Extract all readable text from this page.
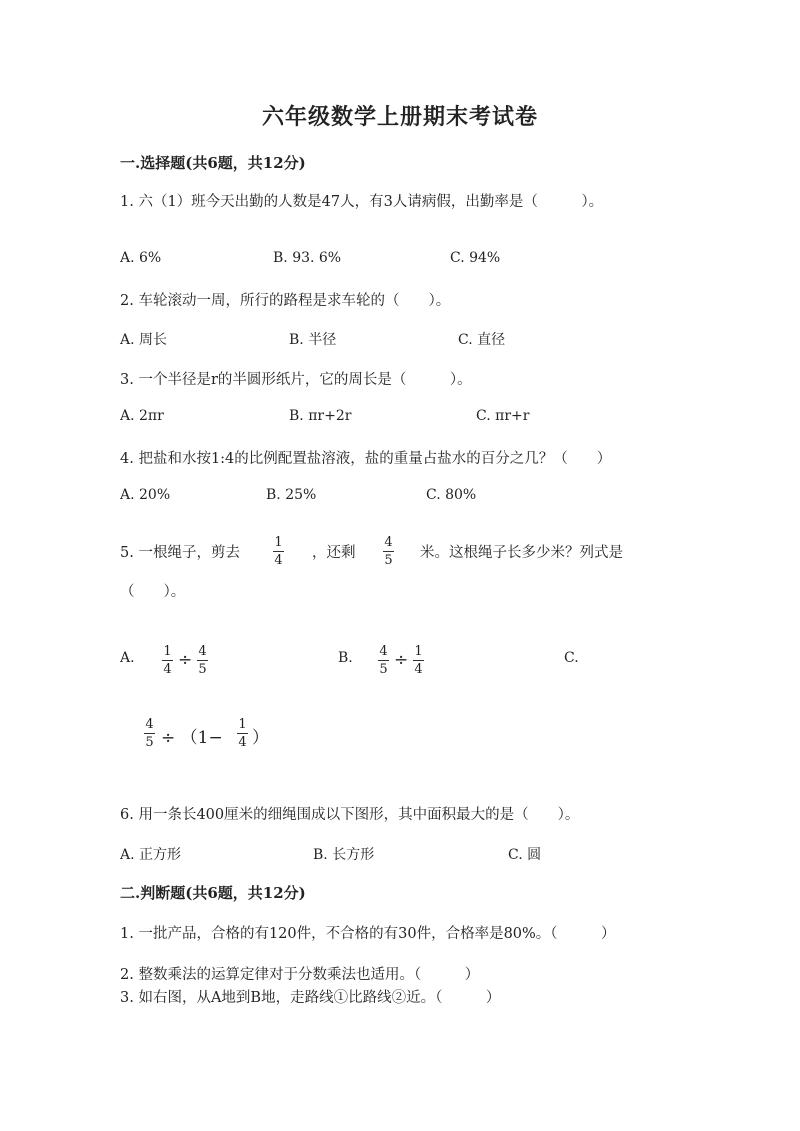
六年级数学上册期末考试卷
一.选择题(共6题，共12分)
1. 六（1）班今天出勤的人数是47人，有3人请病假，出勤率是（　　　）。
A. 6%	B. 93. 6%	C. 94%
2. 车轮滚动一周，所行的路程是求车轮的（　　）。
A. 周长	B. 半径	C. 直径
3. 一个半径是r的半圆形纸片，它的周长是（　　　）。
A. 2πr	B. πr+2r	C. πr+r
4. 把盐和水按1:4的比例配置盐溶液，盐的重量占盐水的百分之几？（　　）
A. 20%	B. 25%	C. 80%
5. 一根绳子，剪去
1
4 ，还剩
4
5 米。这根绳子长多少米？列式是
（　　）。
A. 1
4 ÷ 4
5
B. 4
5 ÷ 1
4
C.
4
5 ÷ （1−
1
4 ）
6. 用一条长400厘米的细绳围成以下图形，其中面积最大的是（　　）。
A. 正方形	B. 长方形	C. 圆
二.判断题(共6题，共12分)
1. 一批产品，合格的有120件，不合格的有30件，合格率是80%。（　　　）
2. 整数乘法的运算定律对于分数乘法也适用。（　　　）
3. 如右图，从A地到B地，走路线①比路线②近。（　　　）
